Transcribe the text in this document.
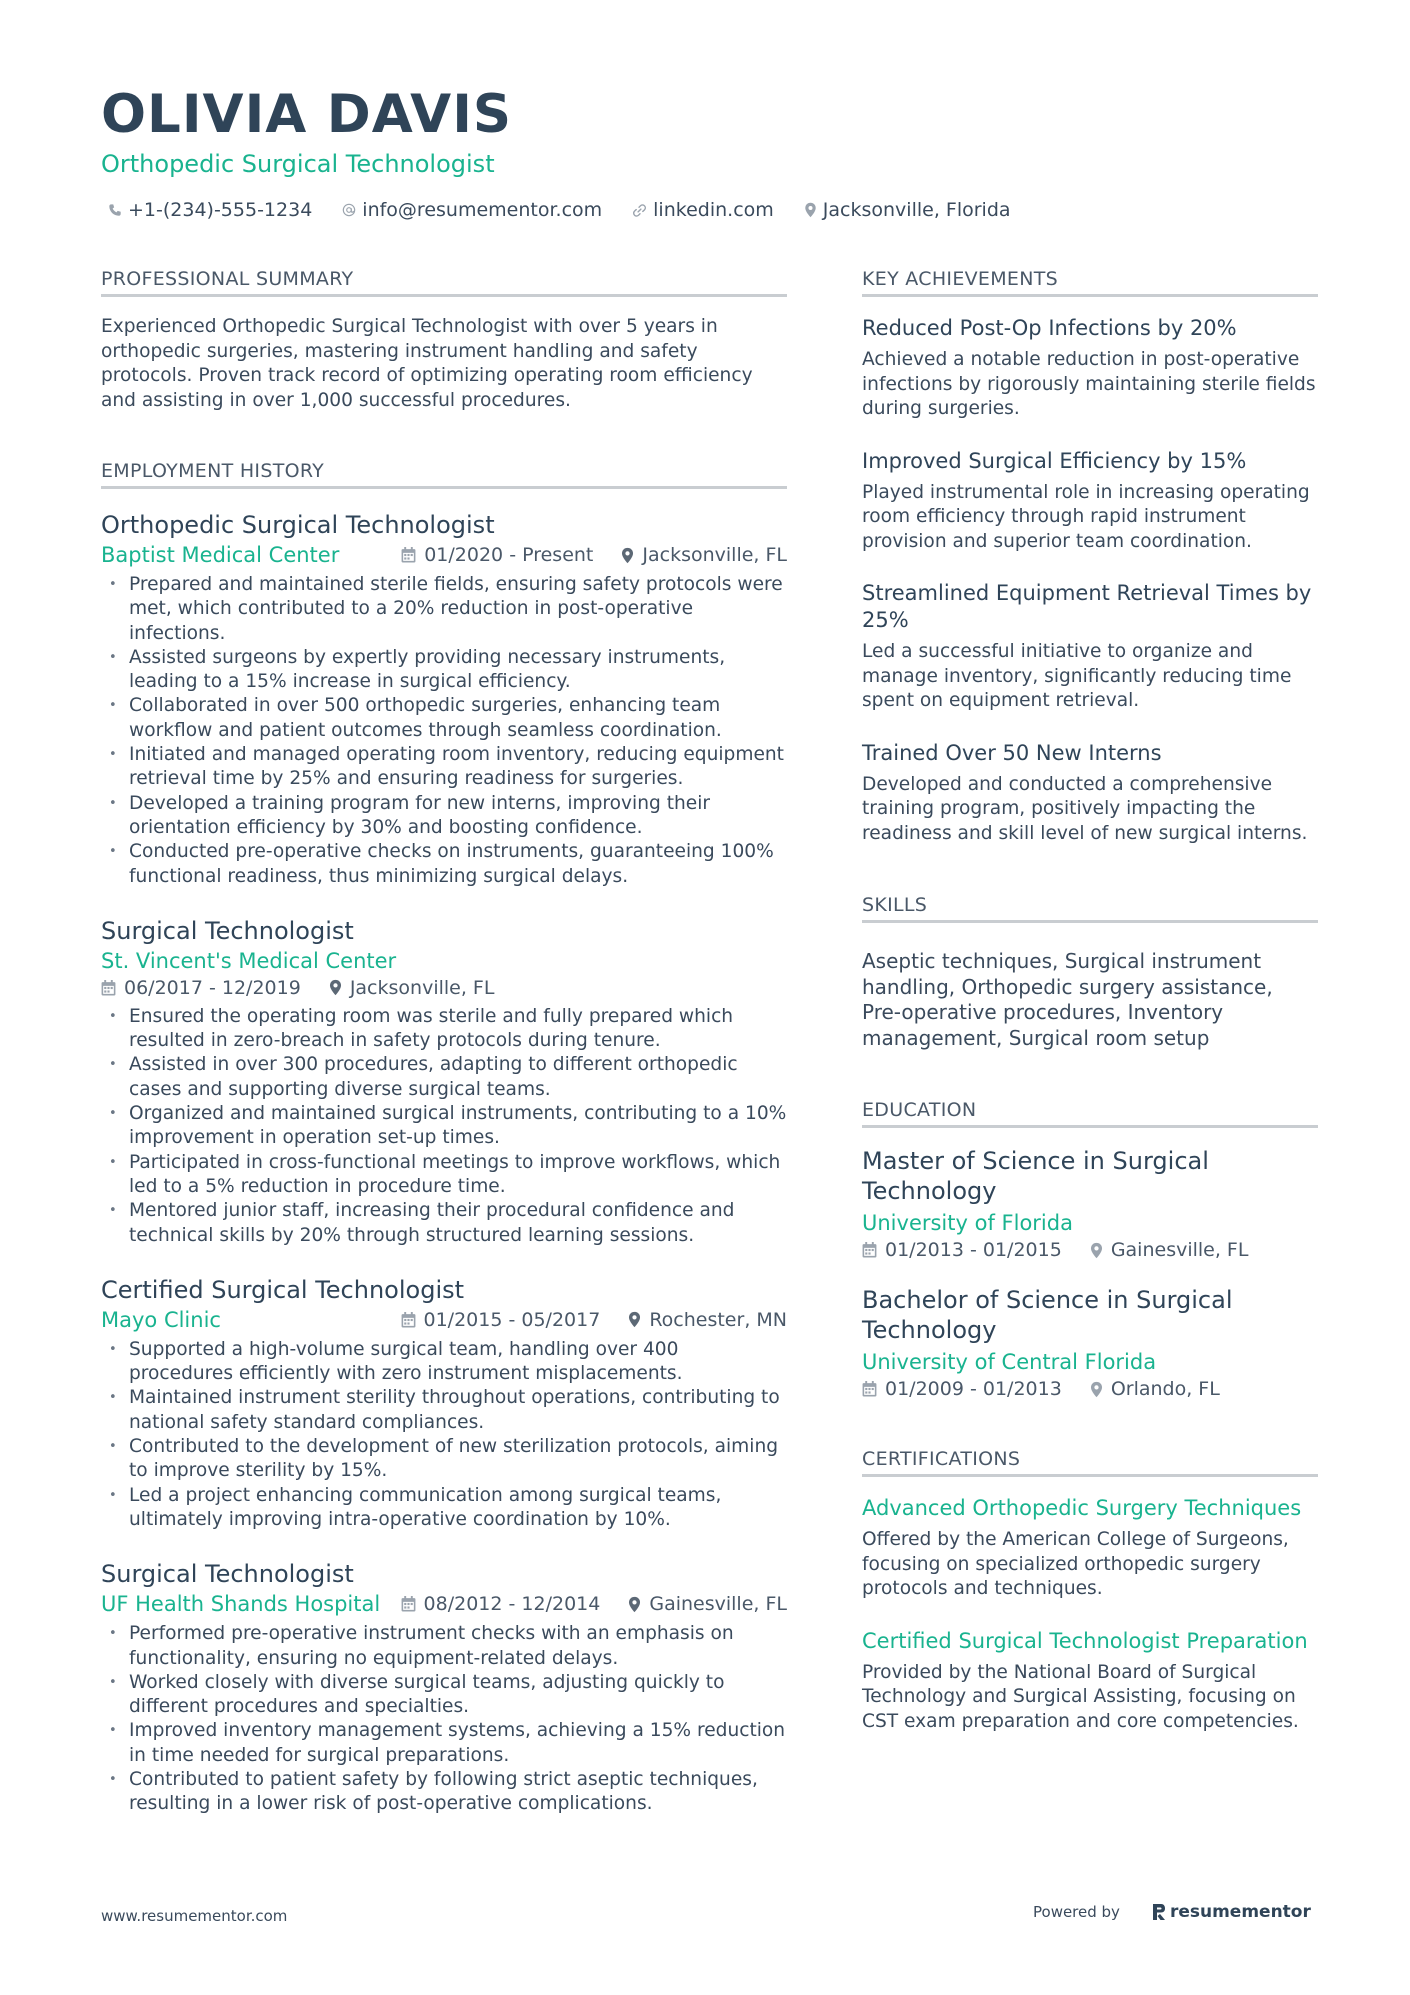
OLIVIA DAVIS
Orthopedic Surgical Technologist
+1-(234)-555-1234	info@resumementor.com	linkedin.com	Jacksonville, Florida
PROFESSIONAL SUMMARY

Experienced Orthopedic Surgical Technologist with over 5 years in orthopedic surgeries, mastering instrument handling and safety protocols. Proven track record of optimizing operating room efficiency and assisting in over 1,000 successful procedures.

EMPLOYMENT HISTORY
Orthopedic Surgical Technologist
Baptist Medical Center	01/2020 - Present	Jacksonville, FL
• Prepared and maintained sterile fields, ensuring safety protocols were met, which contributed to a 20% reduction in post-operative infections.
• Assisted surgeons by expertly providing necessary instruments, leading to a 15% increase in surgical efficiency.
• Collaborated in over 500 orthopedic surgeries, enhancing team workflow and patient outcomes through seamless coordination.
• Initiated and managed operating room inventory, reducing equipment retrieval time by 25% and ensuring readiness for surgeries.
• Developed a training program for new interns, improving their orientation efficiency by 30% and boosting confidence.
• Conducted pre-operative checks on instruments, guaranteeing 100% functional readiness, thus minimizing surgical delays.
Surgical Technologist
St. Vincent's Medical Center
06/2017 - 12/2019	Jacksonville, FL
• Ensured the operating room was sterile and fully prepared which resulted in zero-breach in safety protocols during tenure.
• Assisted in over 300 procedures, adapting to different orthopedic cases and supporting diverse surgical teams.
• Organized and maintained surgical instruments, contributing to a 10% improvement in operation set-up times.
• Participated in cross-functional meetings to improve workflows, which led to a 5% reduction in procedure time.
• Mentored junior staff, increasing their procedural confidence and technical skills by 20% through structured learning sessions.
Certified Surgical Technologist
Mayo Clinic	01/2015 - 05/2017	Rochester, MN
• Supported a high-volume surgical team, handling over 400 procedures efficiently with zero instrument misplacements.
• Maintained instrument sterility throughout operations, contributing to national safety standard compliances.
• Contributed to the development of new sterilization protocols, aiming to improve sterility by 15%.
• Led a project enhancing communication among surgical teams, ultimately improving intra-operative coordination by 10%.
Surgical Technologist
UF Health Shands Hospital 08/2012 - 12/2014	Gainesville, FL
• Performed pre-operative instrument checks with an emphasis on functionality, ensuring no equipment-related delays.
• Worked closely with diverse surgical teams, adjusting quickly to different procedures and specialties.
• Improved inventory management systems, achieving a 15% reduction in time needed for surgical preparations.
• Contributed to patient safety by following strict aseptic techniques, resulting in a lower risk of post-operative complications.
KEY ACHIEVEMENTS
Reduced Post-Op Infections by 20%
Achieved a notable reduction in post-operative infections by rigorously maintaining sterile fields during surgeries.
Improved Surgical Efficiency by 15%
Played instrumental role in increasing operating room efficiency through rapid instrument provision and superior team coordination.
Streamlined Equipment Retrieval Times by 25%
Led a successful initiative to organize and manage inventory, significantly reducing time spent on equipment retrieval.
Trained Over 50 New Interns
Developed and conducted a comprehensive training program, positively impacting the readiness and skill level of new surgical interns.
SKILLS
Aseptic techniques, Surgical instrument handling, Orthopedic surgery assistance, Pre-operative procedures, Inventory management, Surgical room setup
EDUCATION
Master of Science in Surgical Technology
University of Florida
01/2013 - 01/2015	Gainesville, FL
Bachelor of Science in Surgical Technology
University of Central Florida
01/2009 - 01/2013	Orlando, FL
CERTIFICATIONS
Advanced Orthopedic Surgery Techniques
Offered by the American College of Surgeons, focusing on specialized orthopedic surgery protocols and techniques.
Certified Surgical Technologist Preparation
Provided by the National Board of Surgical Technology and Surgical Assisting, focusing on CST exam preparation and core competencies.
www.resumementor.com	Powered by	resumementor
